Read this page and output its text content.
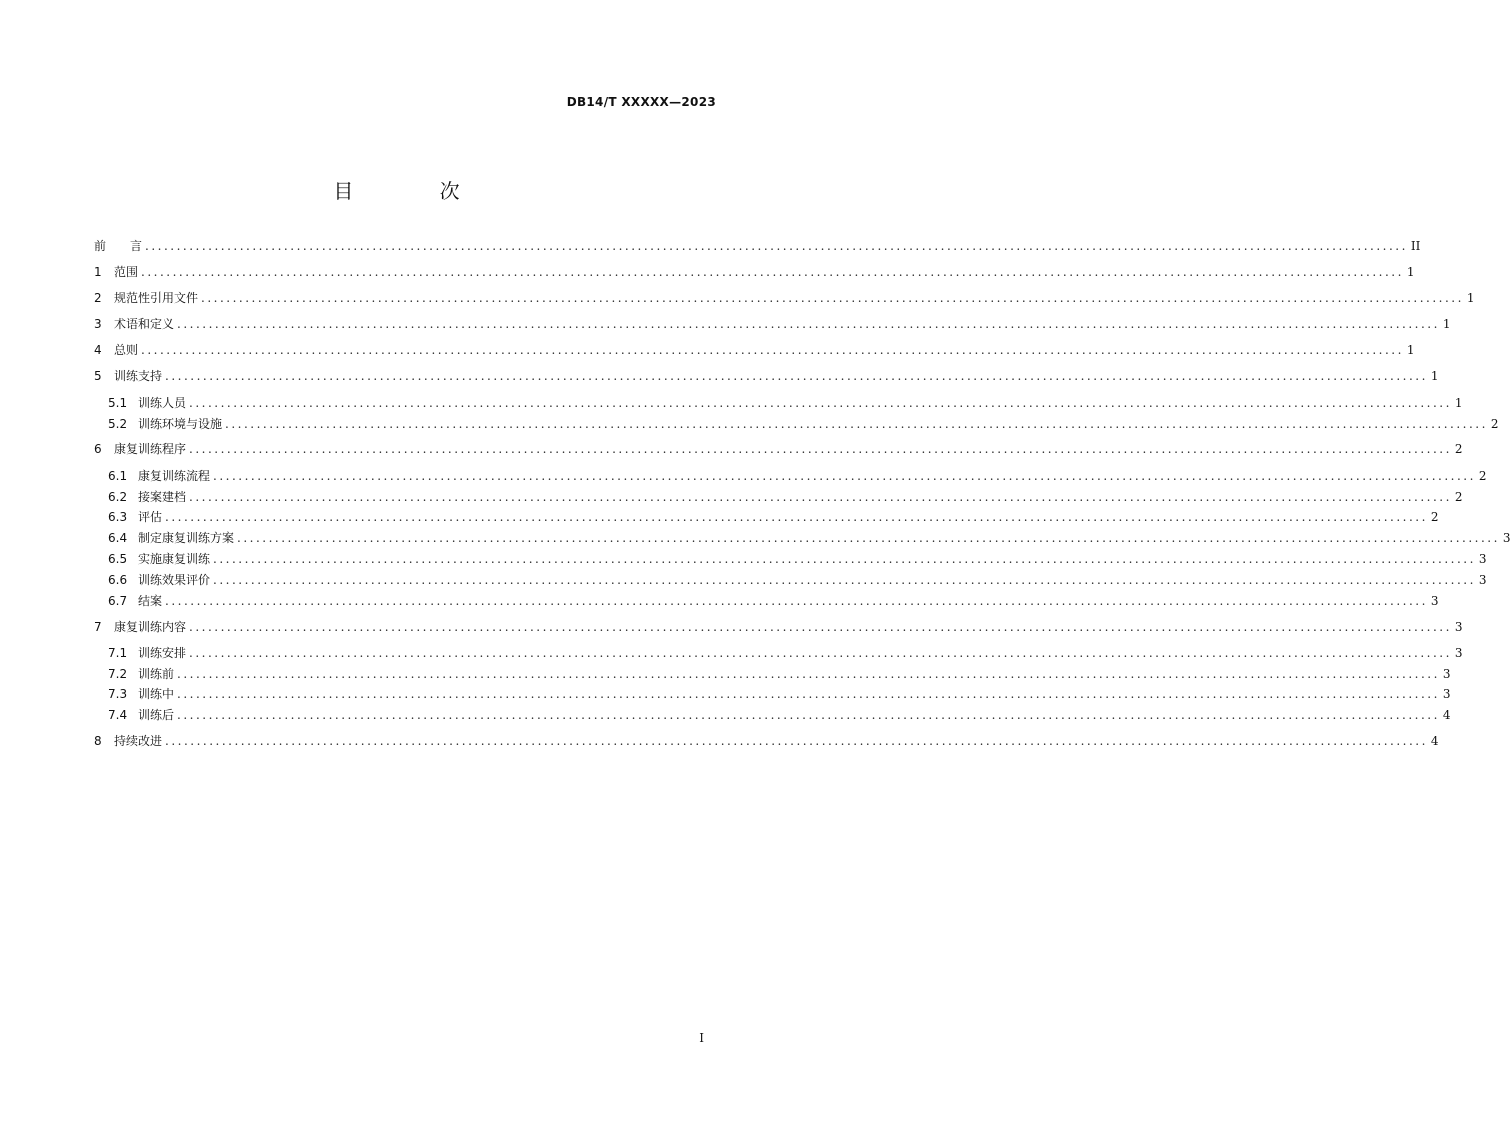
DB14/T XXXXX—2023
目 次
前　　言 ........................................................................................................................................................................................................ II
1 范围 ........................................................................................................................................................................................................ 1
2 规范性引用文件 ........................................................................................................................................................................................................ 1
3 术语和定义 ........................................................................................................................................................................................................ 1
4 总则 ........................................................................................................................................................................................................ 1
5 训练支持 ........................................................................................................................................................................................................ 1
5.1 训练人员 ........................................................................................................................................................................................................ 1
5.2 训练环境与设施 ........................................................................................................................................................................................................ 2
6 康复训练程序 ........................................................................................................................................................................................................ 2
6.1 康复训练流程 ........................................................................................................................................................................................................ 2
6.2 接案建档 ........................................................................................................................................................................................................ 2
6.3 评估 ........................................................................................................................................................................................................ 2
6.4 制定康复训练方案 ........................................................................................................................................................................................................ 3
6.5 实施康复训练 ........................................................................................................................................................................................................ 3
6.6 训练效果评价 ........................................................................................................................................................................................................ 3
6.7 结案 ........................................................................................................................................................................................................ 3
7 康复训练内容 ........................................................................................................................................................................................................ 3
7.1 训练安排 ........................................................................................................................................................................................................ 3
7.2 训练前 ........................................................................................................................................................................................................ 3
7.3 训练中 ........................................................................................................................................................................................................ 3
7.4 训练后 ........................................................................................................................................................................................................ 4
8 持续改进 ........................................................................................................................................................................................................ 4
I
